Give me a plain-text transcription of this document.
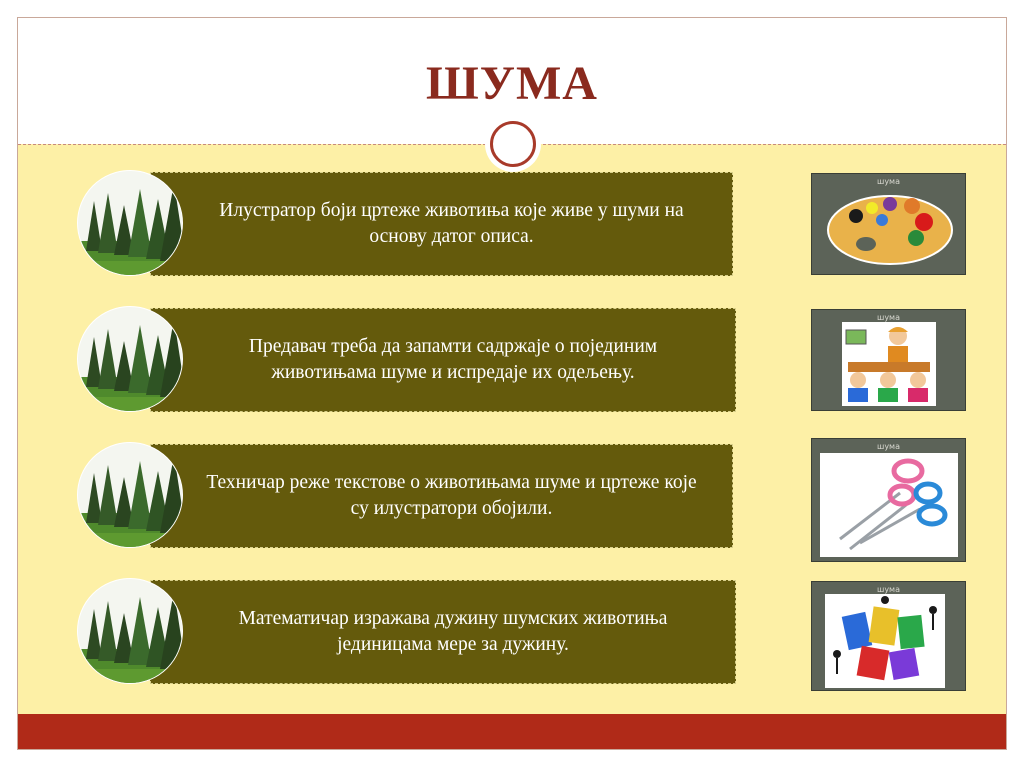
ШУМА
Илустратор боји цртеже животиња које живе у шуми на основу датог описа.
шума
Предавач треба да запамти садржаје о појединим животињама шуме и испредаје их одељењу.
шума
Техничар реже текстове о животињама шуме и цртеже које су илустратори обојили.
шума
Математичар изражава дужину шумских животиња јединицама мере за дужину.
шума
